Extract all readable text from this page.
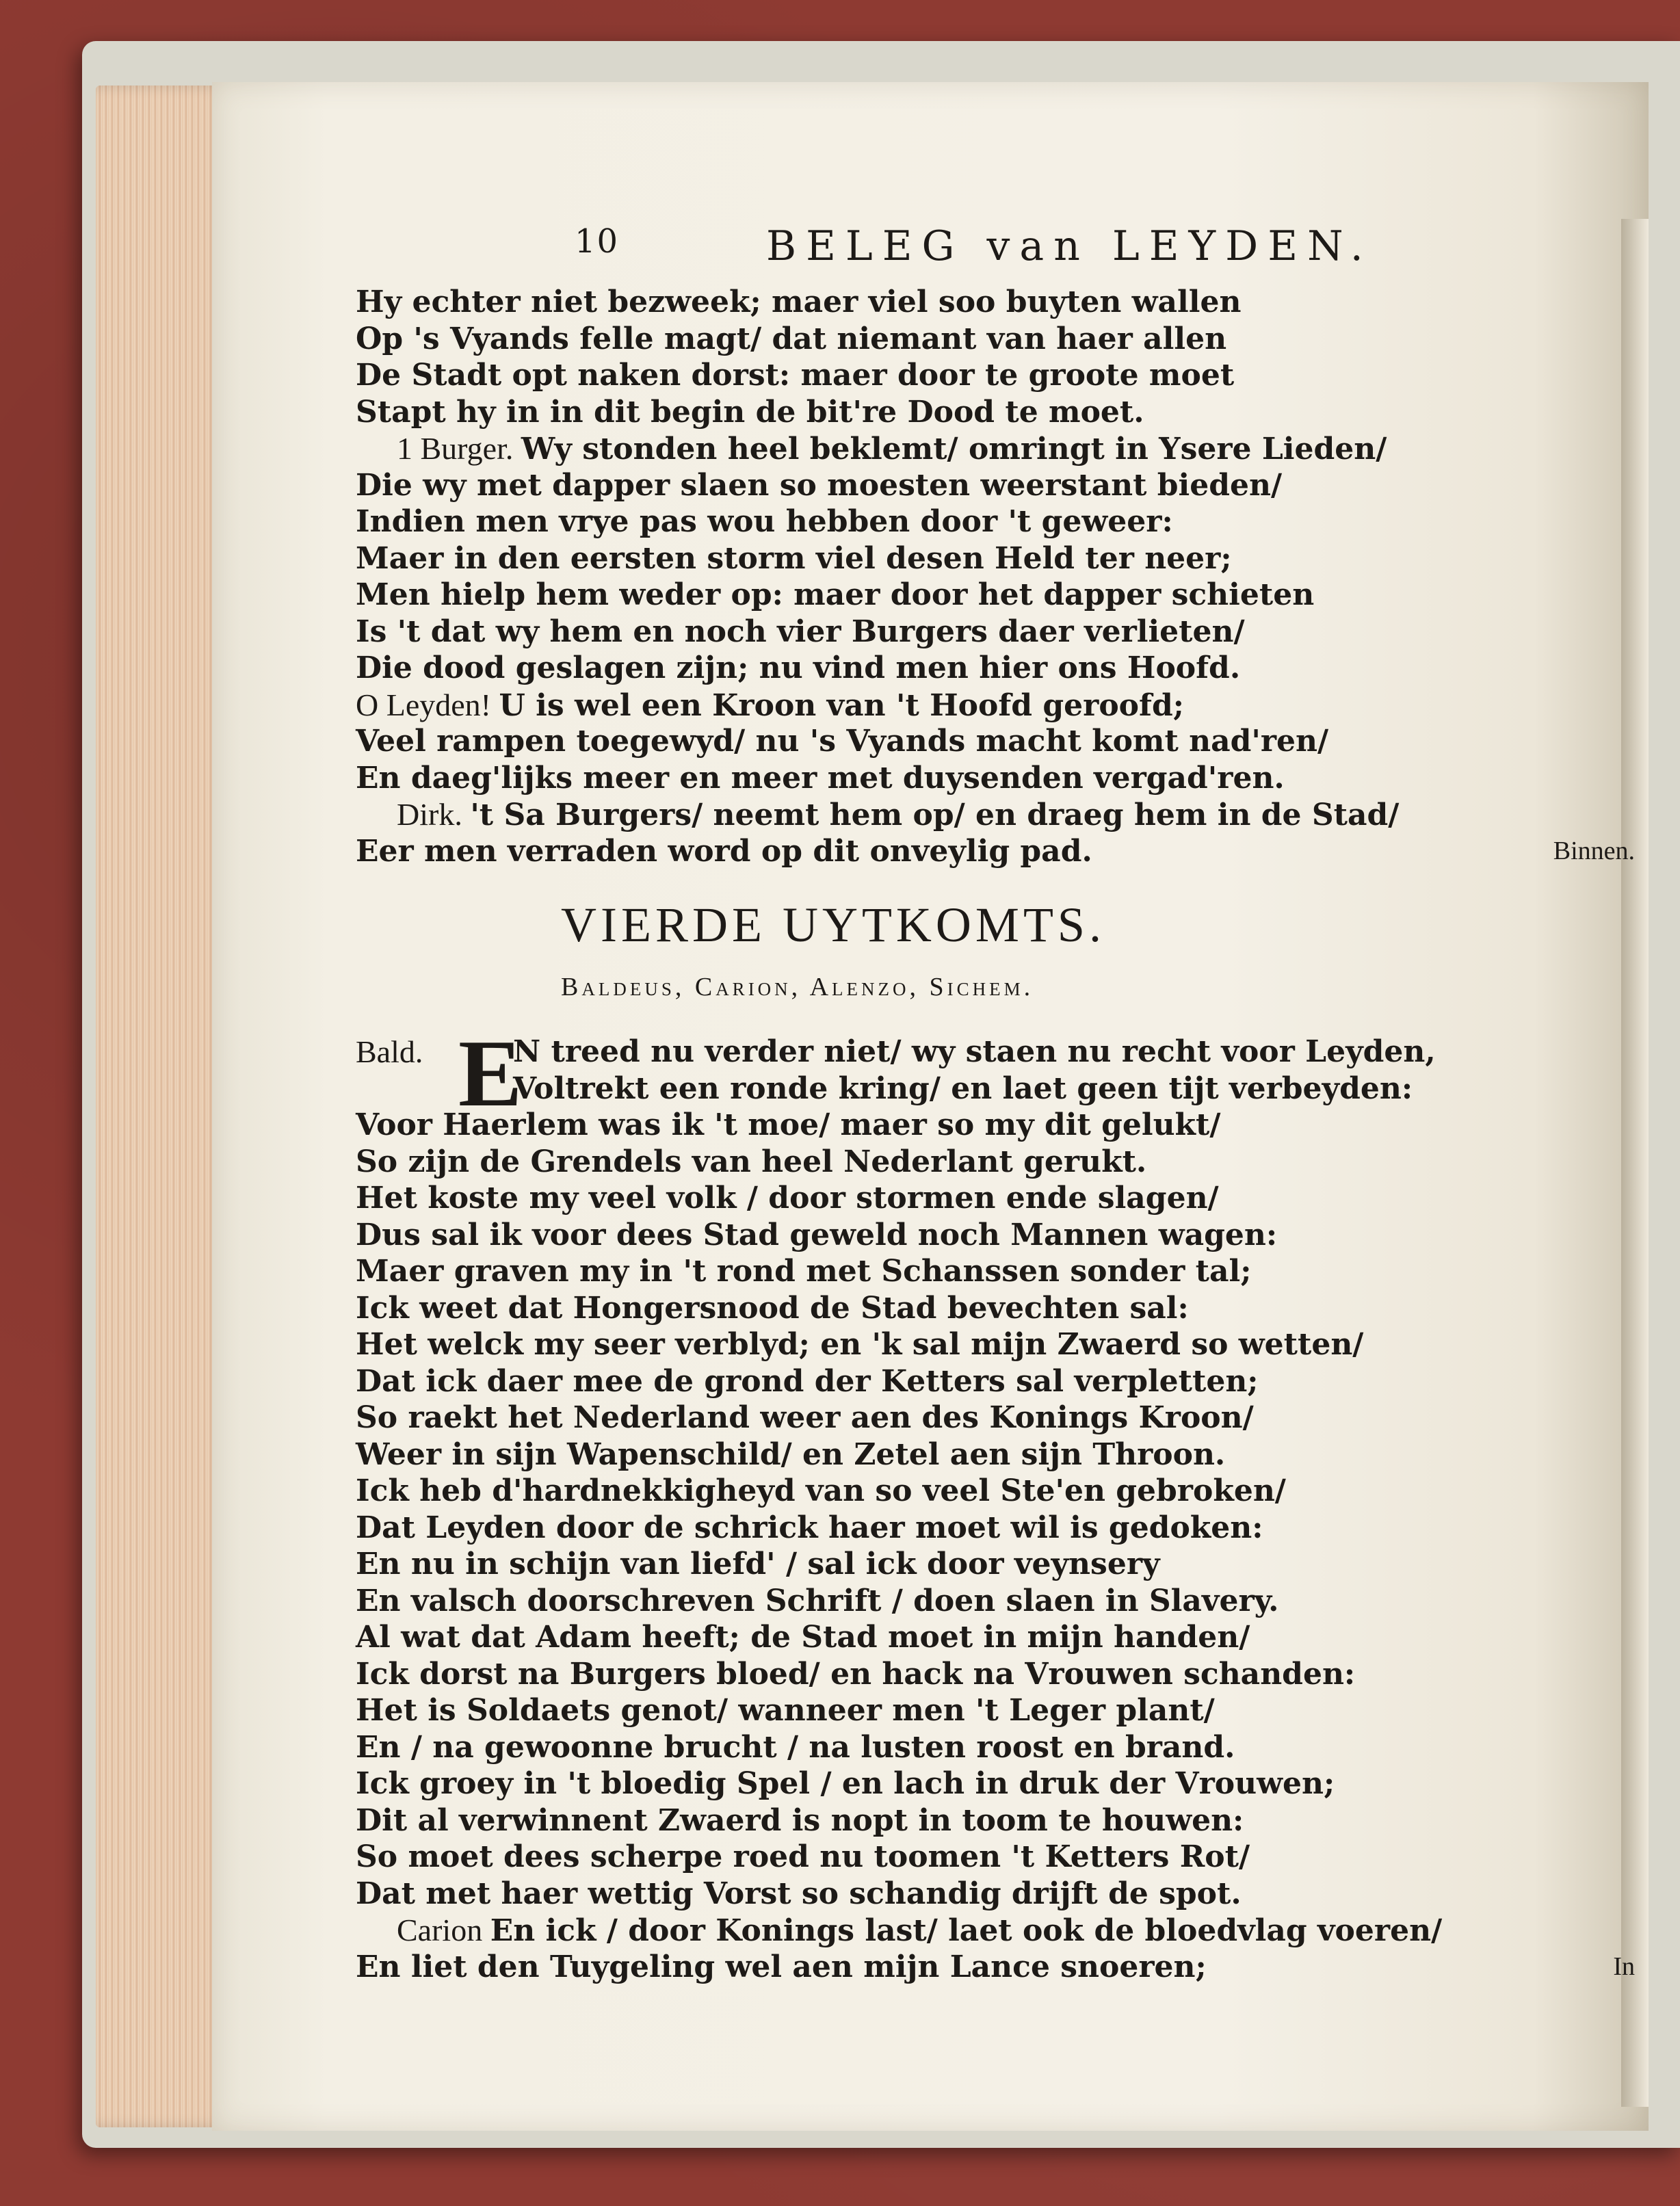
10	BELEG van LEYDEN.
Hy echter niet bezweek; maer viel soo buyten wallen
Op 's Vyands felle magt/ dat niemant van haer allen
De Stadt opt naken dorst: maer door te groote moet
Stapt hy in in dit begin de bit're Dood te moet.
1 Burger. Wy stonden heel beklemt/ omringt in Ysere Lieden/
Die wy met dapper slaen so moesten weerstant bieden/
Indien men vrye pas wou hebben door 't geweer:
Maer in den eersten storm viel desen Held ter neer;
Men hielp hem weder op: maer door het dapper schieten
Is 't dat wy hem en noch vier Burgers daer verlieten/
Die dood geslagen zijn; nu vind men hier ons Hoofd.
O Leyden! U is wel een Kroon van 't Hoofd geroofd;
Veel rampen toegewyd/ nu 's Vyands macht komt nad'ren/
En daeg'lijks meer en meer met duysenden vergad'ren.
Dirk. 't Sa Burgers/ neemt hem op/ en draeg hem in de Stad/
Eer men verraden word op dit onveylig pad.	Binnen.
VIERDE UYTKOMTS.
Baldeus, Carion, Alenzo, Sichem.
Bald. E
N treed nu verder niet/ wy staen nu recht voor Leyden,
Voltrekt een ronde kring/ en laet geen tijt verbeyden:
Voor Haerlem was ik 't moe/ maer so my dit gelukt/
So zijn de Grendels van heel Nederlant gerukt.
Het koste my veel volk / door stormen ende slagen/
Dus sal ik voor dees Stad geweld noch Mannen wagen:
Maer graven my in 't rond met Schanssen sonder tal;
Ick weet dat Hongersnood de Stad bevechten sal:
Het welck my seer verblyd; en 'k sal mijn Zwaerd so wetten/
Dat ick daer mee de grond der Ketters sal verpletten;
So raekt het Nederland weer aen des Konings Kroon/
Weer in sijn Wapenschild/ en Zetel aen sijn Throon.
Ick heb d'hardnekkigheyd van so veel Ste'en gebroken/
Dat Leyden door de schrick haer moet wil is gedoken:
En nu in schijn van liefd' / sal ick door veynsery
En valsch doorschreven Schrift / doen slaen in Slavery.
Al wat dat Adam heeft; de Stad moet in mijn handen/
Ick dorst na Burgers bloed/ en hack na Vrouwen schanden:
Het is Soldaets genot/ wanneer men 't Leger plant/
En / na gewoonne brucht / na lusten roost en brand.
Ick groey in 't bloedig Spel / en lach in druk der Vrouwen;
Dit al verwinnent Zwaerd is nopt in toom te houwen:
So moet dees scherpe roed nu toomen 't Ketters Rot/
Dat met haer wettig Vorst so schandig drijft de spot.
Carion En ick / door Konings last/ laet ook de bloedvlag voeren/
En liet den Tuygeling wel aen mijn Lance snoeren;	In
